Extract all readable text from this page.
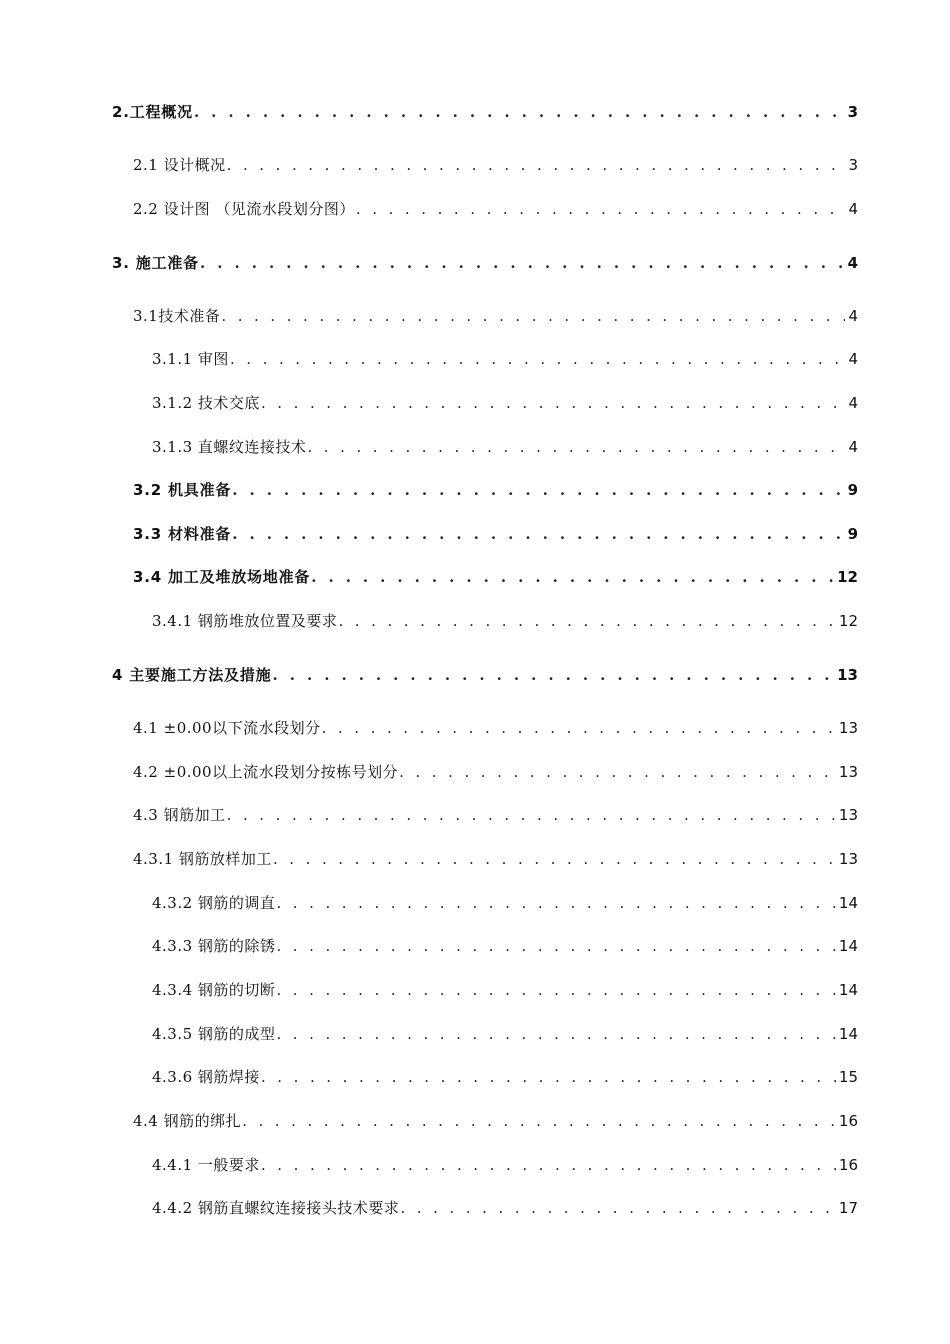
2.工程概况 . . .	3
2.1 设计概况 . . .	3
2.2 设计图 （见流水段划分图） . . .	4
3. 施工准备 . . .	4
3.1技术准备 . . .	4
3.1.1 审图 . . .	4
3.1.2 技术交底 . . .	4
3.1.3 直螺纹连接技术 . . .	4
3.2 机具准备 . . .	9
3.3 材料准备 . . .	9
3.4 加工及堆放场地准备 . . .	12
3.4.1 钢筋堆放位置及要求 . . .	12
4 主要施工方法及措施 . . .	13
4.1 ±0.00以下流水段划分 . . .	13
4.2 ±0.00以上流水段划分按栋号划分 . . .	13
4.3 钢筋加工 . . .	13
4.3.1 钢筋放样加工 . . .	13
4.3.2 钢筋的调直 . . .	14
4.3.3 钢筋的除锈 . . .	14
4.3.4 钢筋的切断 . . .	14
4.3.5 钢筋的成型 . . .	14
4.3.6 钢筋焊接 . . .	15
4.4 钢筋的绑扎 . . .	16
4.4.1 一般要求 . . .	16
4.4.2 钢筋直螺纹连接接头技术要求 . . .	17
